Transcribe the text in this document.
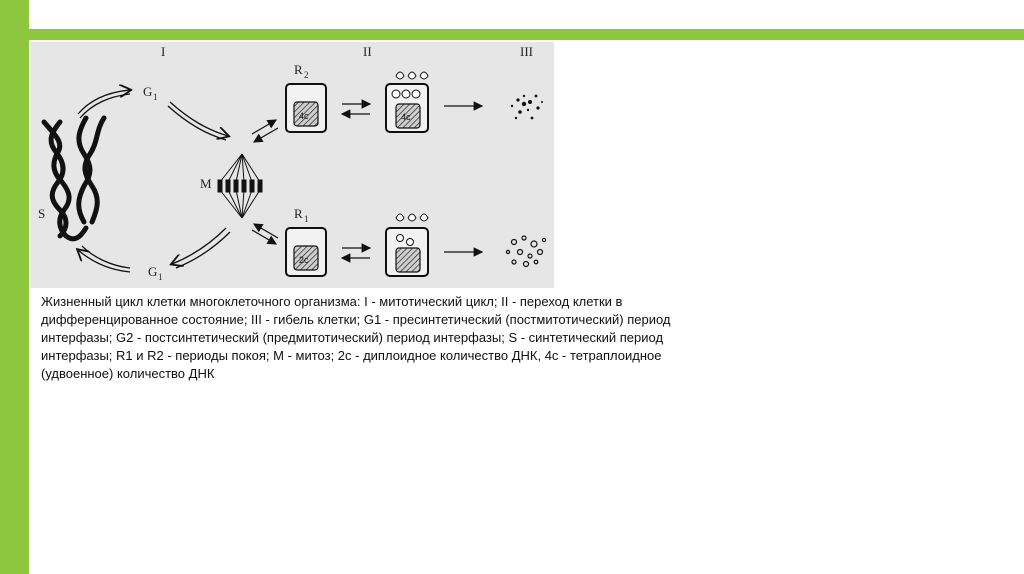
I	II	III
S
G 1
G 1
M
R 2
4c	4c
R 1
2c

Жизненный цикл клетки многоклеточного организма: I - митотический цикл; II - переход клетки в дифференцированное состояние; III - гибель клетки; G1 - пресинтетический (постмитотический) период интерфазы; G2 - постсинтетический (предмитотический) период интерфазы; S - синтетический период интерфазы; R1 и R2 - периоды покоя; M - митоз; 2c - диплоидное количество ДНК, 4c - тетраплоидное (удвоенное) количество ДНК
